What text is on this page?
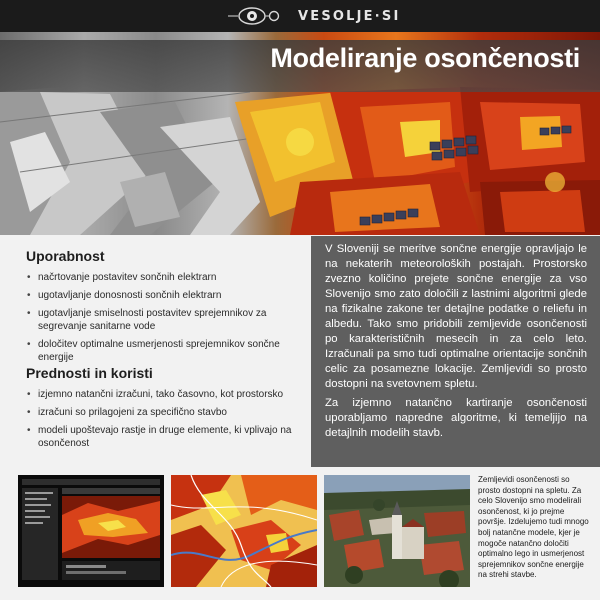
VESOLJE∙SI
Modeliranje osončenosti
Uporabnost
• načrtovanje postavitev sončnih elektrarn
• ugotavljanje donosnosti sončnih elektrarn
• ugotavljanje smiselnosti postavitev sprejemnikov za segrevanje sanitarne vode
• določitev optimalne usmerjenosti sprejemnikov sončne energije
Prednosti in koristi
• izjemno natančni izračuni, tako časovno, kot prostorsko
• izračuni so prilagojeni za specifično stavbo
• modeli upoštevajo rastje in druge elemente, ki vplivajo na osončenost

V Sloveniji se meritve sončne energije opravljajo le na nekaterih meteoroloških postajah. Prostorsko zvezno količino prejete sončne energije za vso Slovenijo smo zato določili z lastnimi algoritmi glede na fizikalne zakone ter detajlne podatke o reliefu in albedu. Tako smo pridobili zemljevide osončenosti po karakterističnih mesecih in za celo leto. Izračunali pa smo tudi optimalne orientacije sončnih celic za posamezne lokacije. Zemljevidi so prosto dostopni na svetovnem spletu.

Za izjemno natančno kartiranje osončenosti uporabljamo napredne algoritme, ki temeljijo na detajlnih modelih stavb.

Zemljevidi osončenosti so prosto dostopni na spletu. Za celo Slovenijo smo modelirali osončenost, ki jo prejme površje. Izdelujemo tudi mnogo bolj natančne modele, kjer je mogoče natančno določiti optimalno lego in usmerjenost sprejemnikov sončne energije na strehi stavbe.
